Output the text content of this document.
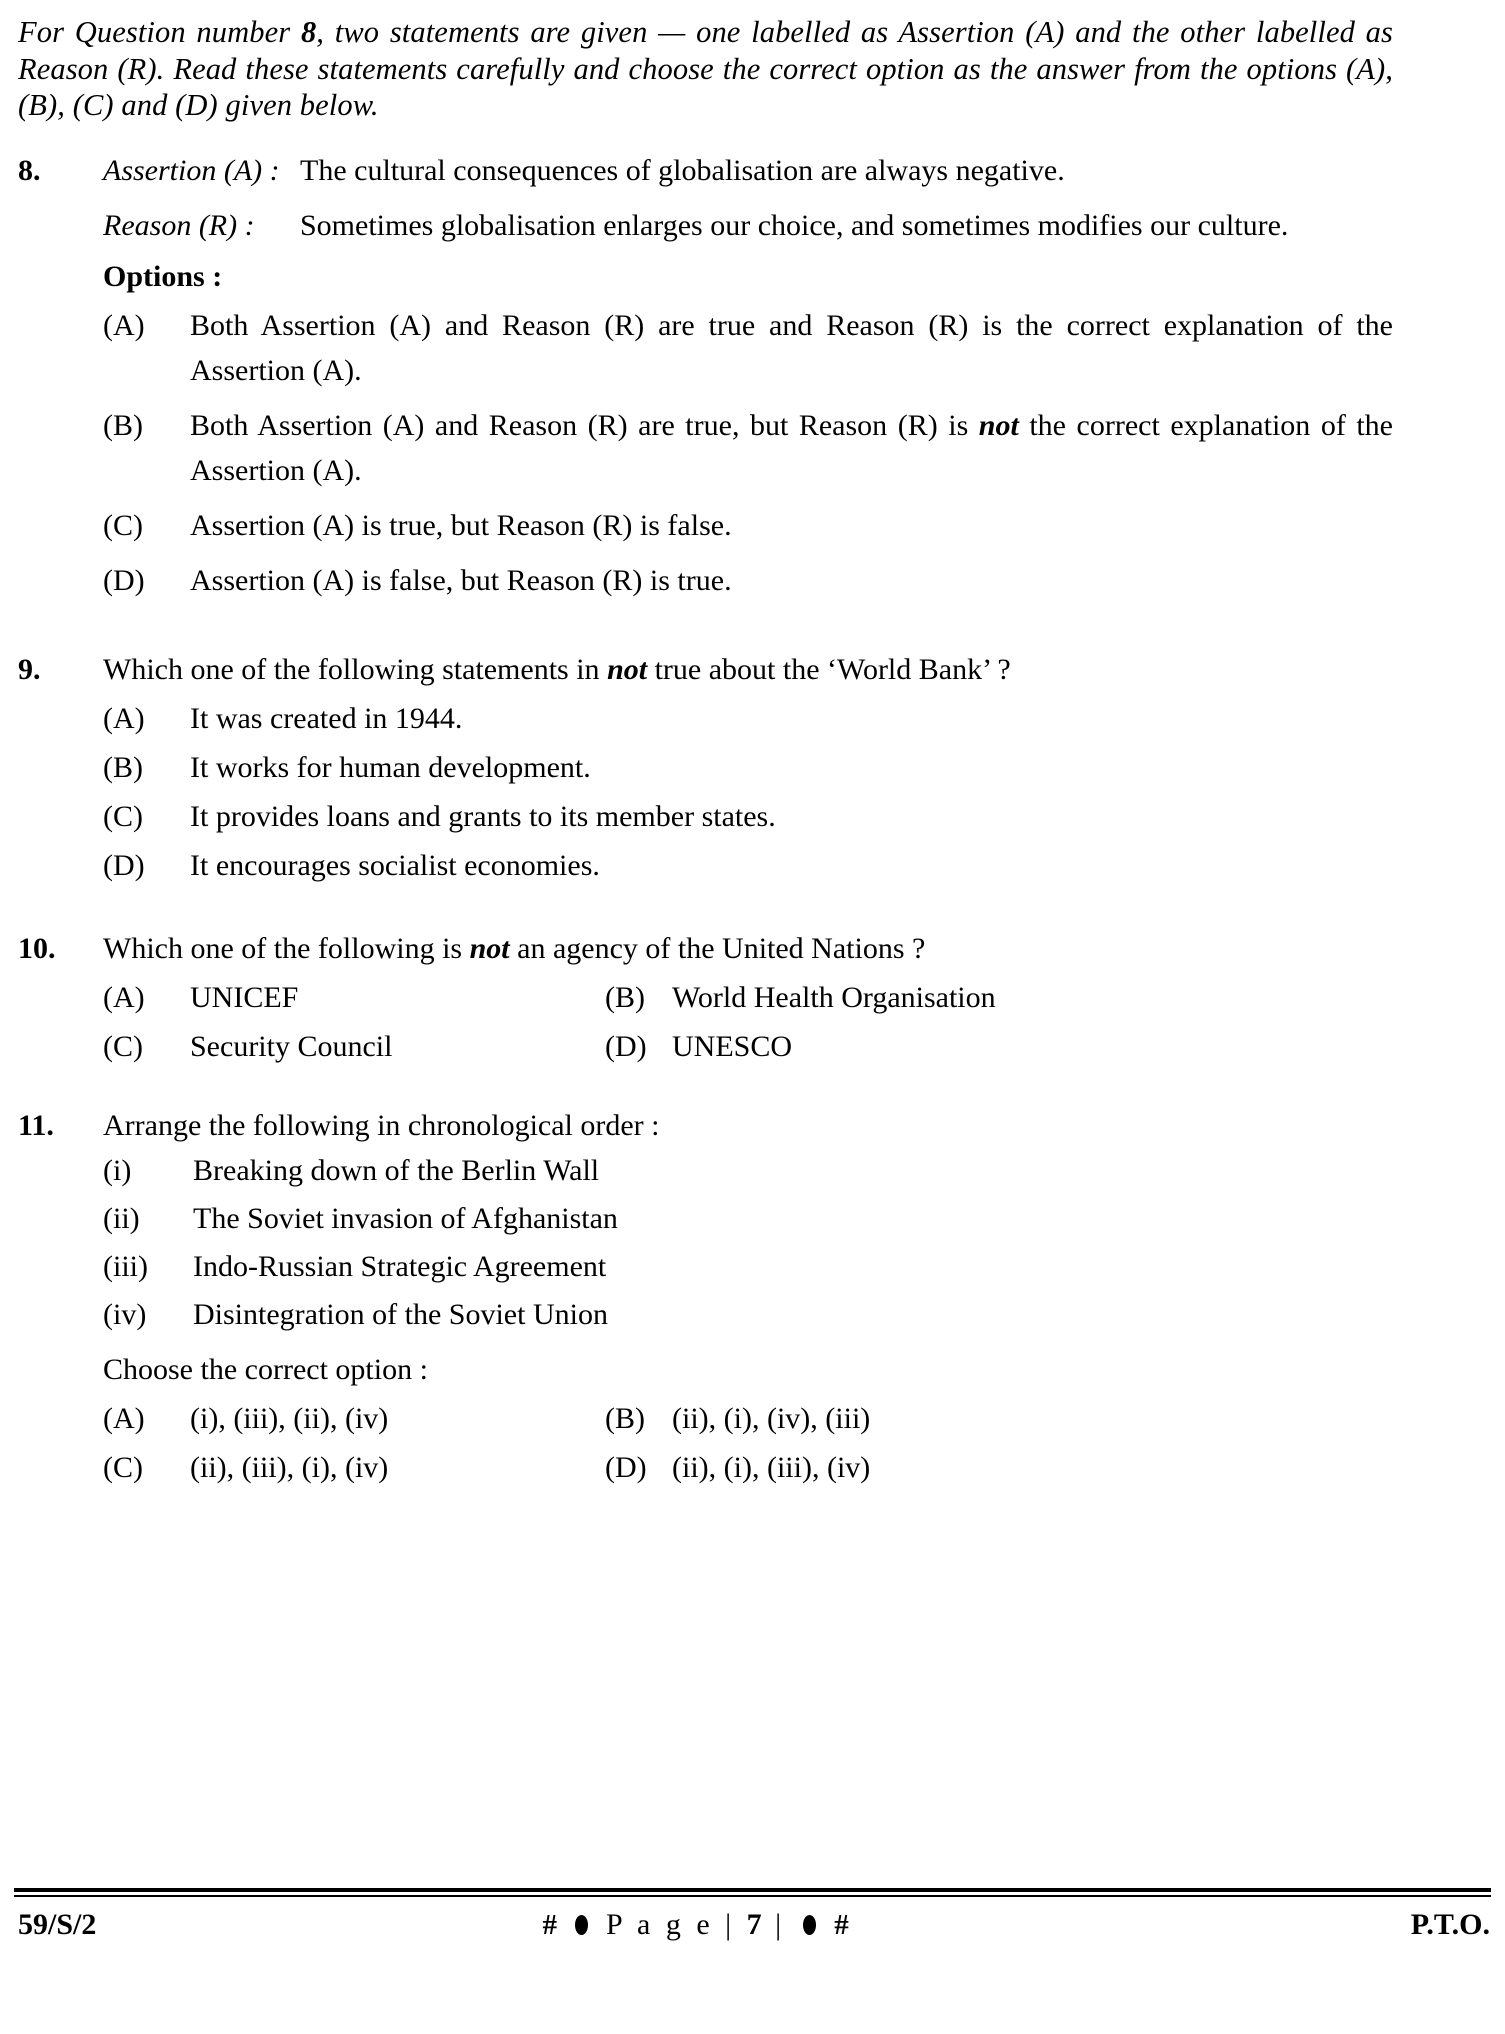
For Question number 8, two statements are given — one labelled as Assertion (A) and the other labelled as Reason (R). Read these statements carefully and choose the correct option as the answer from the options (A), (B), (C) and (D) given below.

8.	Assertion (A) : The cultural consequences of globalisation are always negative.
Reason (R) :	Sometimes globalisation enlarges our choice, and sometimes modifies our culture.
Options :
(A)	Both Assertion (A) and Reason (R) are true and Reason (R) is the correct explanation of the Assertion (A).
(B)	Both Assertion (A) and Reason (R) are true, but Reason (R) is not the correct explanation of the Assertion (A).
(C)	Assertion (A) is true, but Reason (R) is false.
(D)	Assertion (A) is false, but Reason (R) is true.
9.	Which one of the following statements in not true about the ‘World Bank’ ?

(A)	It was created in 1944.
(B)	It works for human development.
(C)	It provides loans and grants to its member states.
(D)	It encourages socialist economies.
10.	Which one of the following is not an agency of the United Nations ?

(A)	UNICEF	(B) World Health Organisation
(C)	Security Council	(D) UNESCO
11.	Arrange the following in chronological order :

(i)	Breaking down of the Berlin Wall
(ii)	The Soviet invasion of Afghanistan
(iii)	Indo-Russian Strategic Agreement
(iv)	Disintegration of the Soviet Union
Choose the correct option :
(A)	(i), (iii), (ii), (iv)	(B) (ii), (i), (iv), (iii)
(C)	(ii), (iii), (i), (iv)	(D) (ii), (i), (iii), (iv)
59/S/2	# P a g e | 7 | #	P.T.O.
